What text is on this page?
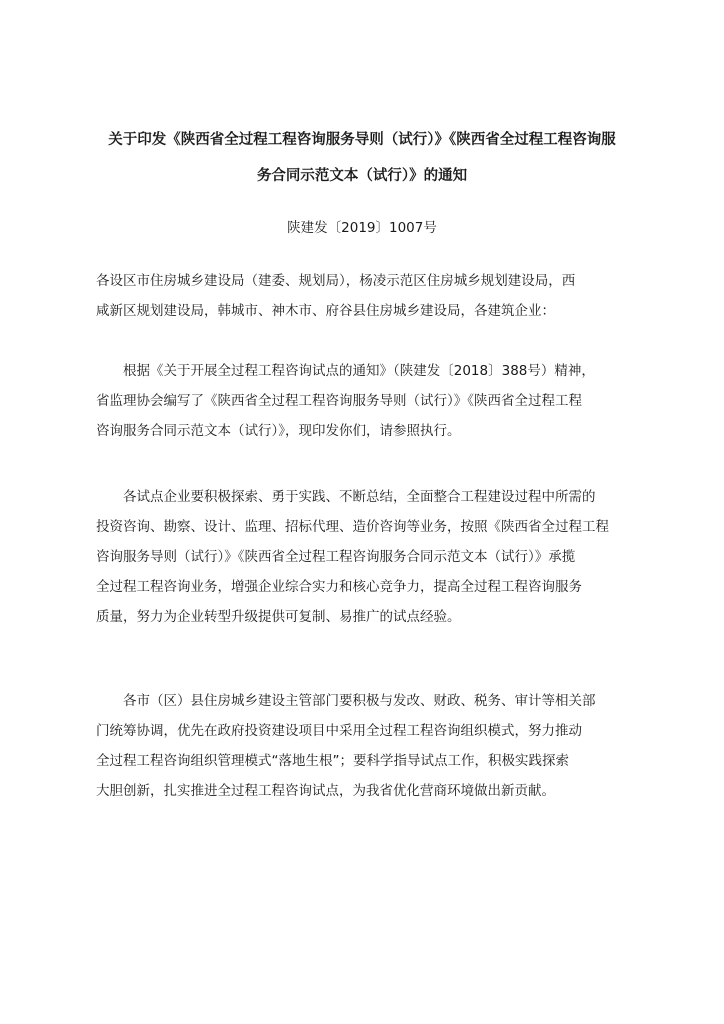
关于印发《陕西省全过程工程咨询服务导则（试行）》《陕西省全过程工程咨询服
务合同示范文本（试行）》的通知
陕建发〔2019〕1007号
各设区市住房城乡建设局（建委、规划局），杨凌示范区住房城乡规划建设局，西
咸新区规划建设局，韩城市、神木市、府谷县住房城乡建设局，各建筑企业：
　　根据《关于开展全过程工程咨询试点的通知》（陕建发〔2018〕388号）精神，
省监理协会编写了《陕西省全过程工程咨询服务导则（试行）》《陕西省全过程工程
咨询服务合同示范文本（试行）》，现印发你们，请参照执行。
　　各试点企业要积极探索、勇于实践、不断总结，全面整合工程建设过程中所需的
投资咨询、勘察、设计、监理、招标代理、造价咨询等业务，按照《陕西省全过程工程
咨询服务导则（试行）》《陕西省全过程工程咨询服务合同示范文本（试行）》承揽
全过程工程咨询业务，增强企业综合实力和核心竞争力，提高全过程工程咨询服务
质量，努力为企业转型升级提供可复制、易推广的试点经验。
　　各市（区）县住房城乡建设主管部门要积极与发改、财政、税务、审计等相关部
门统筹协调，优先在政府投资建设项目中采用全过程工程咨询组织模式，努力推动
全过程工程咨询组织管理模式“落地生根”；要科学指导试点工作，积极实践探索
大胆创新，扎实推进全过程工程咨询试点，为我省优化营商环境做出新贡献。
